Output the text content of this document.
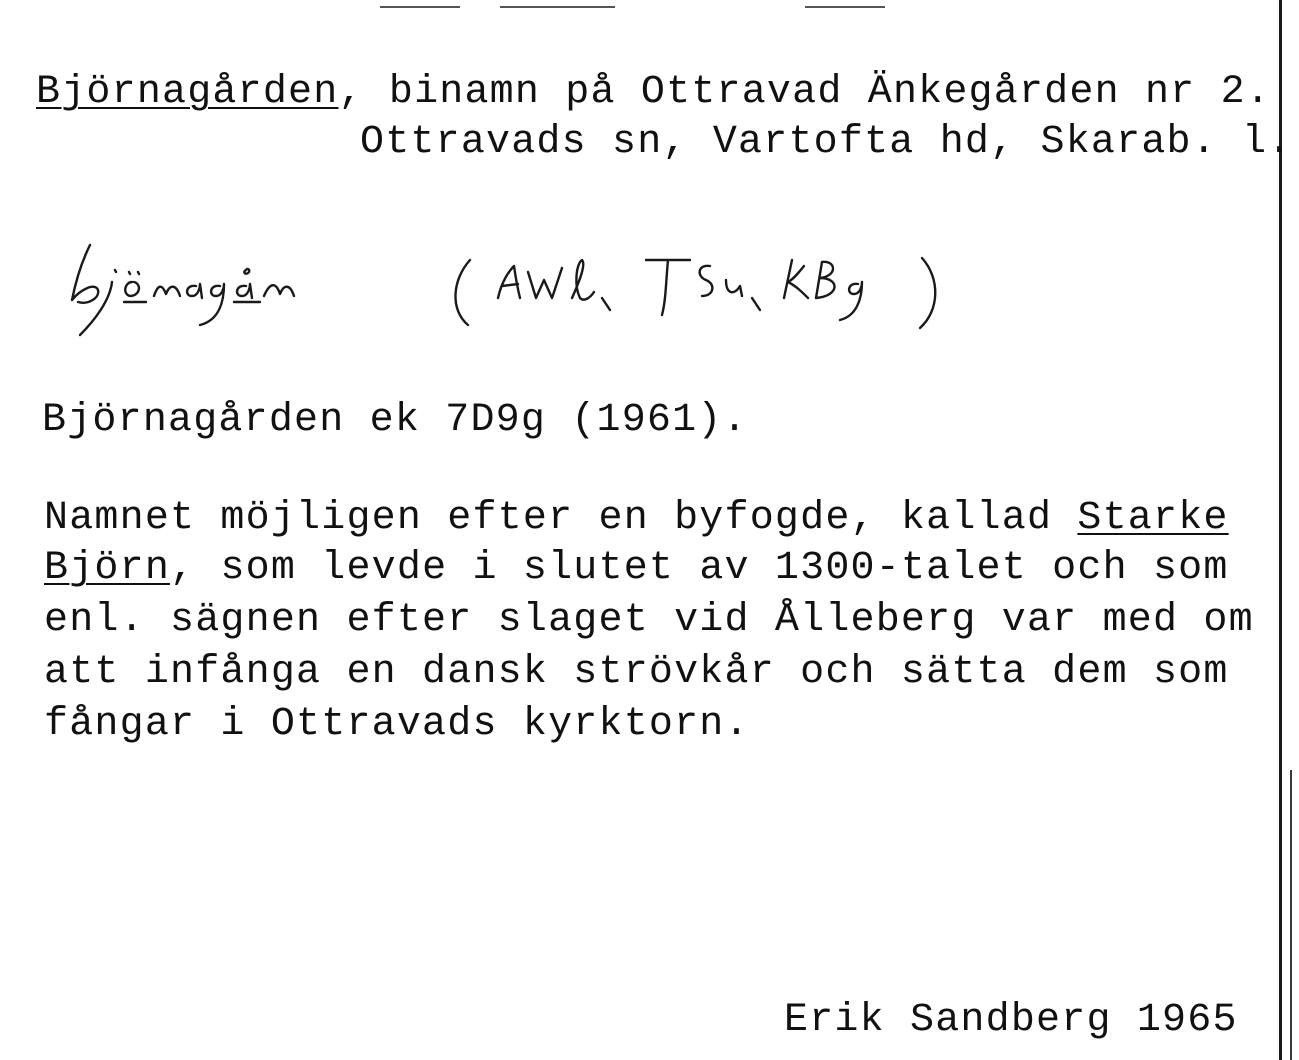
Björnagården, binamn på Ottravad Änkegården nr 2.
Ottravads sn, Vartofta hd, Skarab. l.
Björnagården ek 7D9g (1961).
Namnet möjligen efter en byfogde, kallad Starke
Björn, som levde i slutet av 1300-talet och som
enl. sägnen efter slaget vid Ålleberg var med om
att infånga en dansk strövkår och sätta dem som
fångar i Ottravads kyrktorn.
Erik Sandberg 1965
